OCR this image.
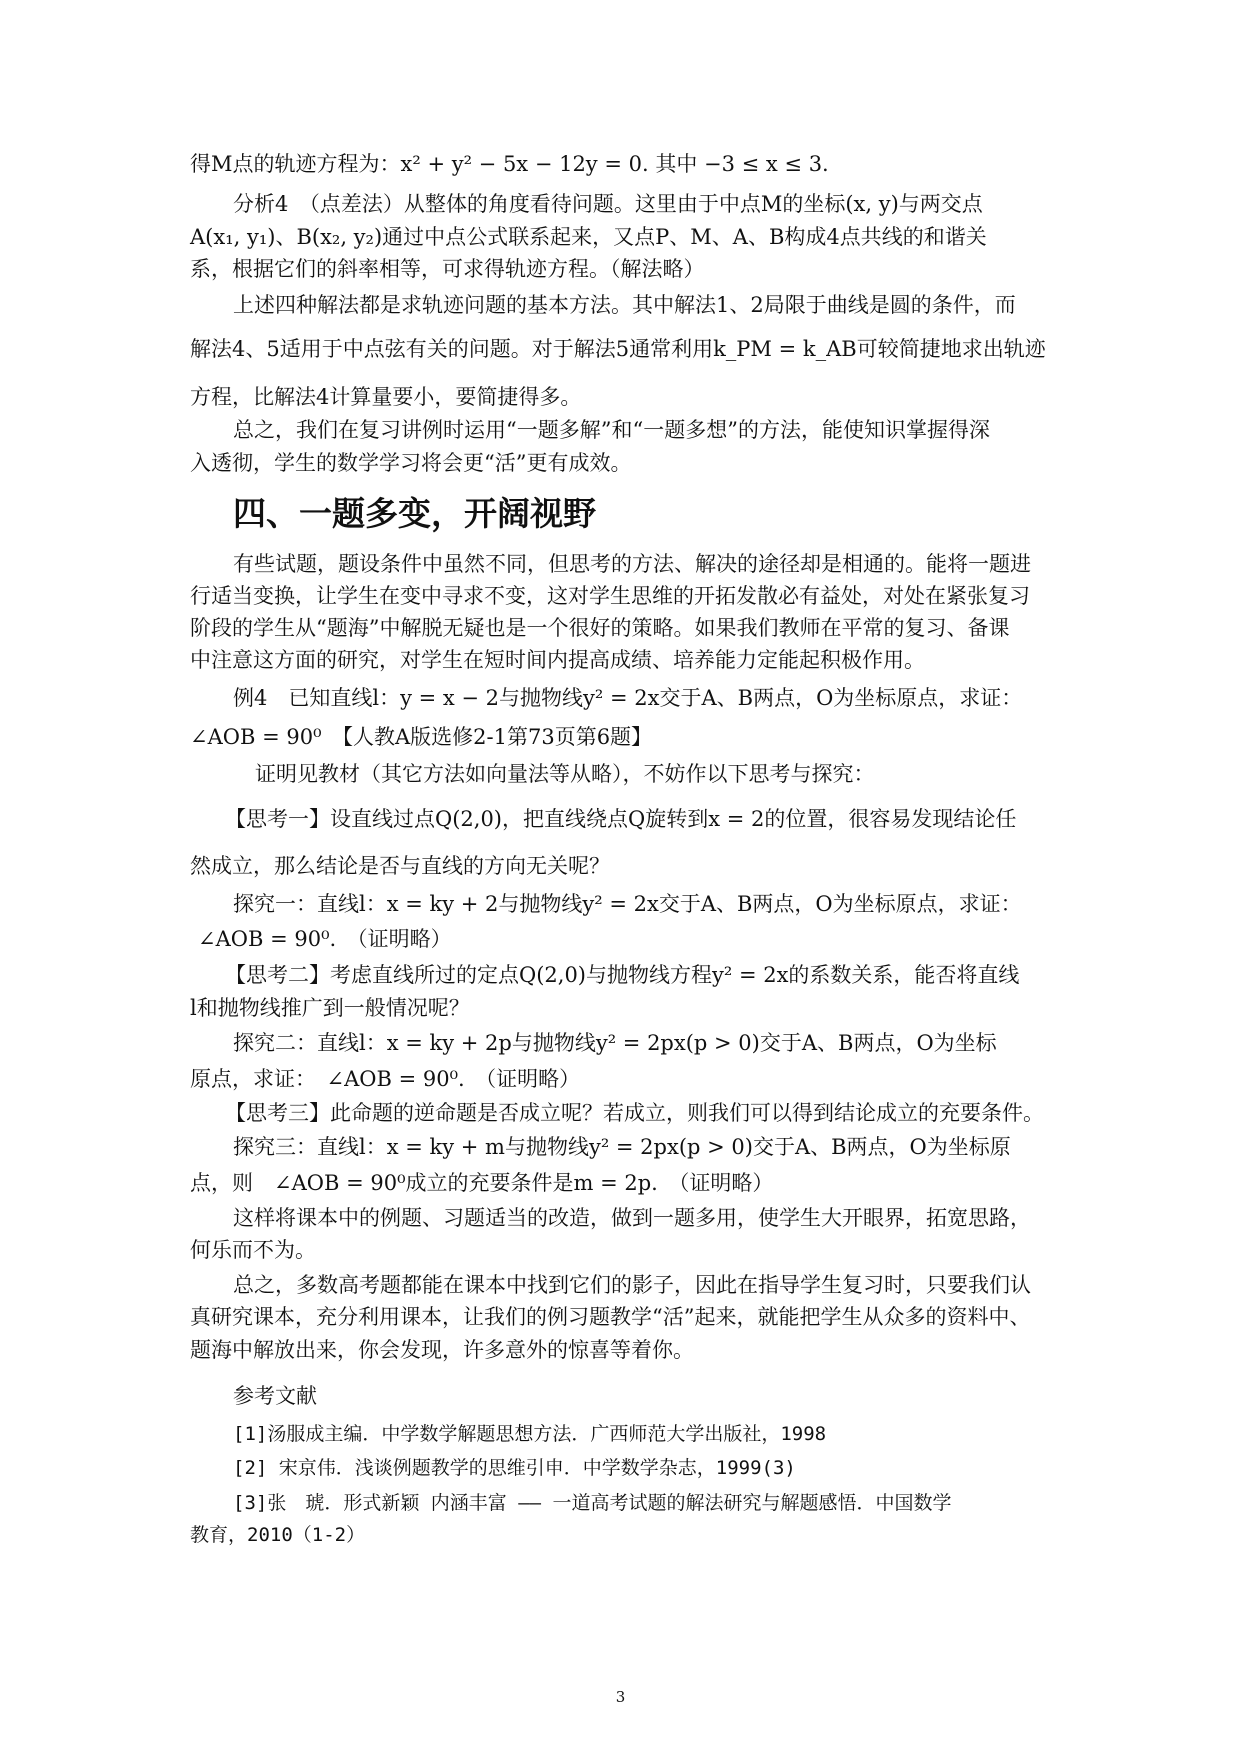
得M点的轨迹方程为：x² + y² − 5x − 12y = 0. 其中 −3 ≤ x ≤ 3.
分析4　（点差法）从整体的角度看待问题。这里由于中点M的坐标(x, y)与两交点
A(x₁, y₁)、B(x₂, y₂)通过中点公式联系起来，又点P、M、A、B构成4点共线的和谐关
系，根据它们的斜率相等，可求得轨迹方程。（解法略）
上述四种解法都是求轨迹问题的基本方法。其中解法1、2局限于曲线是圆的条件，而
解法4、5适用于中点弦有关的问题。对于解法5通常利用k_PM = k_AB可较简捷地求出轨迹
方程，比解法4计算量要小，要简捷得多。
总之，我们在复习讲例时运用“一题多解”和“一题多想”的方法，能使知识掌握得深
入透彻，学生的数学学习将会更“活”更有成效。
四、一题多变，开阔视野
有些试题，题设条件中虽然不同，但思考的方法、解决的途径却是相通的。能将一题进
行适当变换，让学生在变中寻求不变，这对学生思维的开拓发散必有益处，对处在紧张复习
阶段的学生从“题海”中解脱无疑也是一个很好的策略。如果我们教师在平常的复习、备课
中注意这方面的研究，对学生在短时间内提高成绩、培养能力定能起积极作用。
例4　已知直线l：y = x − 2与抛物线y² = 2x交于A、B两点，O为坐标原点，求证：
∠AOB = 90⁰　【人教A版选修2-1第73页第6题】
证明见教材（其它方法如向量法等从略），不妨作以下思考与探究：
【思考一】设直线过点Q(2,0)，把直线绕点Q旋转到x = 2的位置，很容易发现结论任
然成立，那么结论是否与直线的方向无关呢？
探究一：直线l：x = ky + 2与抛物线y² = 2x交于A、B两点，O为坐标原点，求证：
∠AOB = 90⁰.　（证明略）
【思考二】考虑直线所过的定点Q(2,0)与抛物线方程y² = 2x的系数关系，能否将直线
l和抛物线推广到一般情况呢？
探究二：直线l：x = ky + 2p与抛物线y² = 2px(p > 0)交于A、B两点，O为坐标
原点，求证：　∠AOB = 90⁰.　（证明略）
【思考三】此命题的逆命题是否成立呢？若成立，则我们可以得到结论成立的充要条件。
探究三：直线l：x = ky + m与抛物线y² = 2px(p > 0)交于A、B两点，O为坐标原
点，则　∠AOB = 90⁰成立的充要条件是m = 2p.　（证明略）
这样将课本中的例题、习题适当的改造，做到一题多用，使学生大开眼界，拓宽思路，
何乐而不为。
总之，多数高考题都能在课本中找到它们的影子，因此在指导学生复习时，只要我们认
真研究课本，充分利用课本，让我们的例习题教学“活”起来，就能把学生从众多的资料中、
题海中解放出来，你会发现，许多意外的惊喜等着你。
参考文献
[1]汤服成主编．中学数学解题思想方法．广西师范大学出版社，1998
[2] 宋京伟．浅谈例题教学的思维引申．中学数学杂志，1999(3)
[3]张　琥．形式新颖 内涵丰富 —— 一道高考试题的解法研究与解题感悟．中国数学
教育，2010（1-2）
3
